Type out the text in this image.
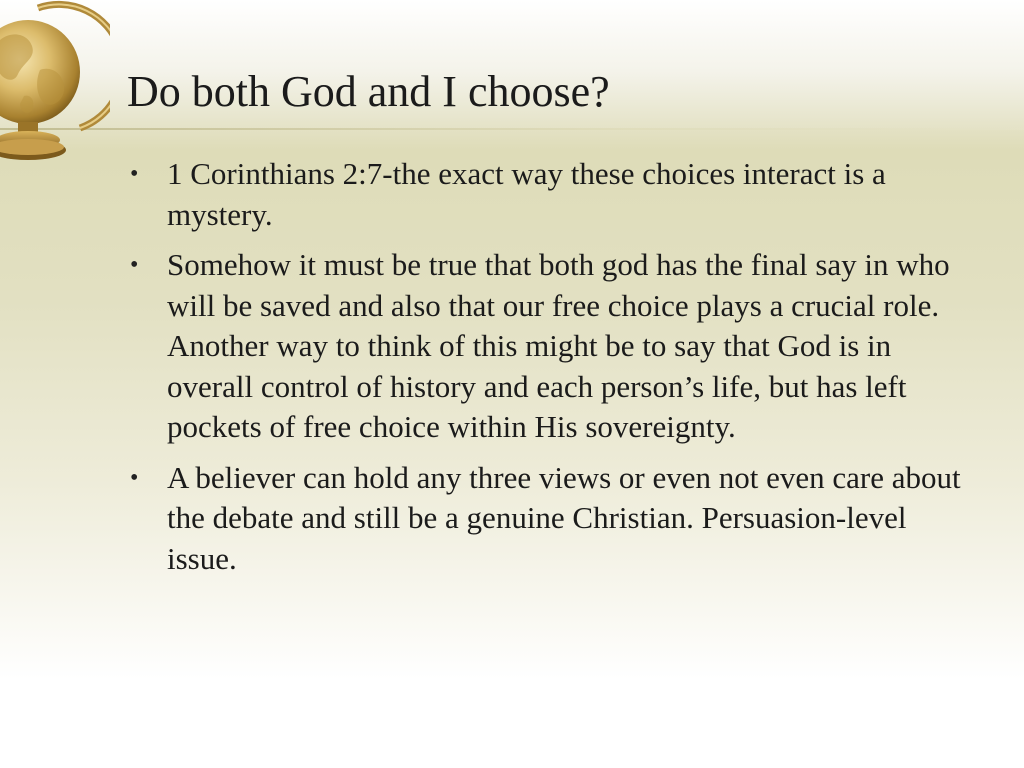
Do both God and I choose?
• 1 Corinthians 2:7-the exact way these choices interact is a mystery.
• Somehow it must be true that both god has the final say in who will be saved and also that our free choice plays a crucial role. Another way to think of this might be to say that God is in overall control of history and each person’s life, but has left pockets of free choice within His sovereignty.
• A believer can hold any three views or even not even care about the debate and still be a genuine Christian. Persuasion-level issue.
